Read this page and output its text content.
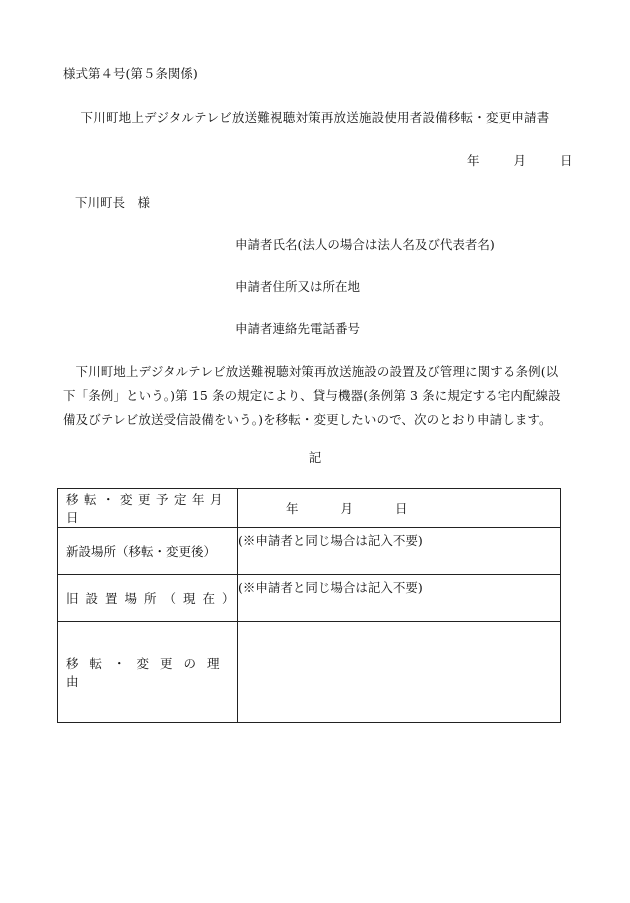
様式第４号(第５条関係)
下川町地上デジタルテレビ放送難視聴対策再放送施設使用者設備移転・変更申請書
年	月	日
下川町長　様
申請者氏名(法人の場合は法人名及び代表者名)
申請者住所又は所在地
申請者連絡先電話番号
下川町地上デジタルテレビ放送難視聴対策再放送施設の設置及び管理に関する条例(以下「条例」という。)第 15 条の規定により、貸与機器(条例第 3 条に規定する宅内配線設備及びテレビ放送受信設備をいう。)を移転・変更したいので、次のとおり申請します。
記
移転・変更予定年月日	年 月 日
新設場所（移転・変更後）	(※申請者と同じ場合は記入不要)
旧設置場所（現在）	(※申請者と同じ場合は記入不要)
移転・変更の理由	
